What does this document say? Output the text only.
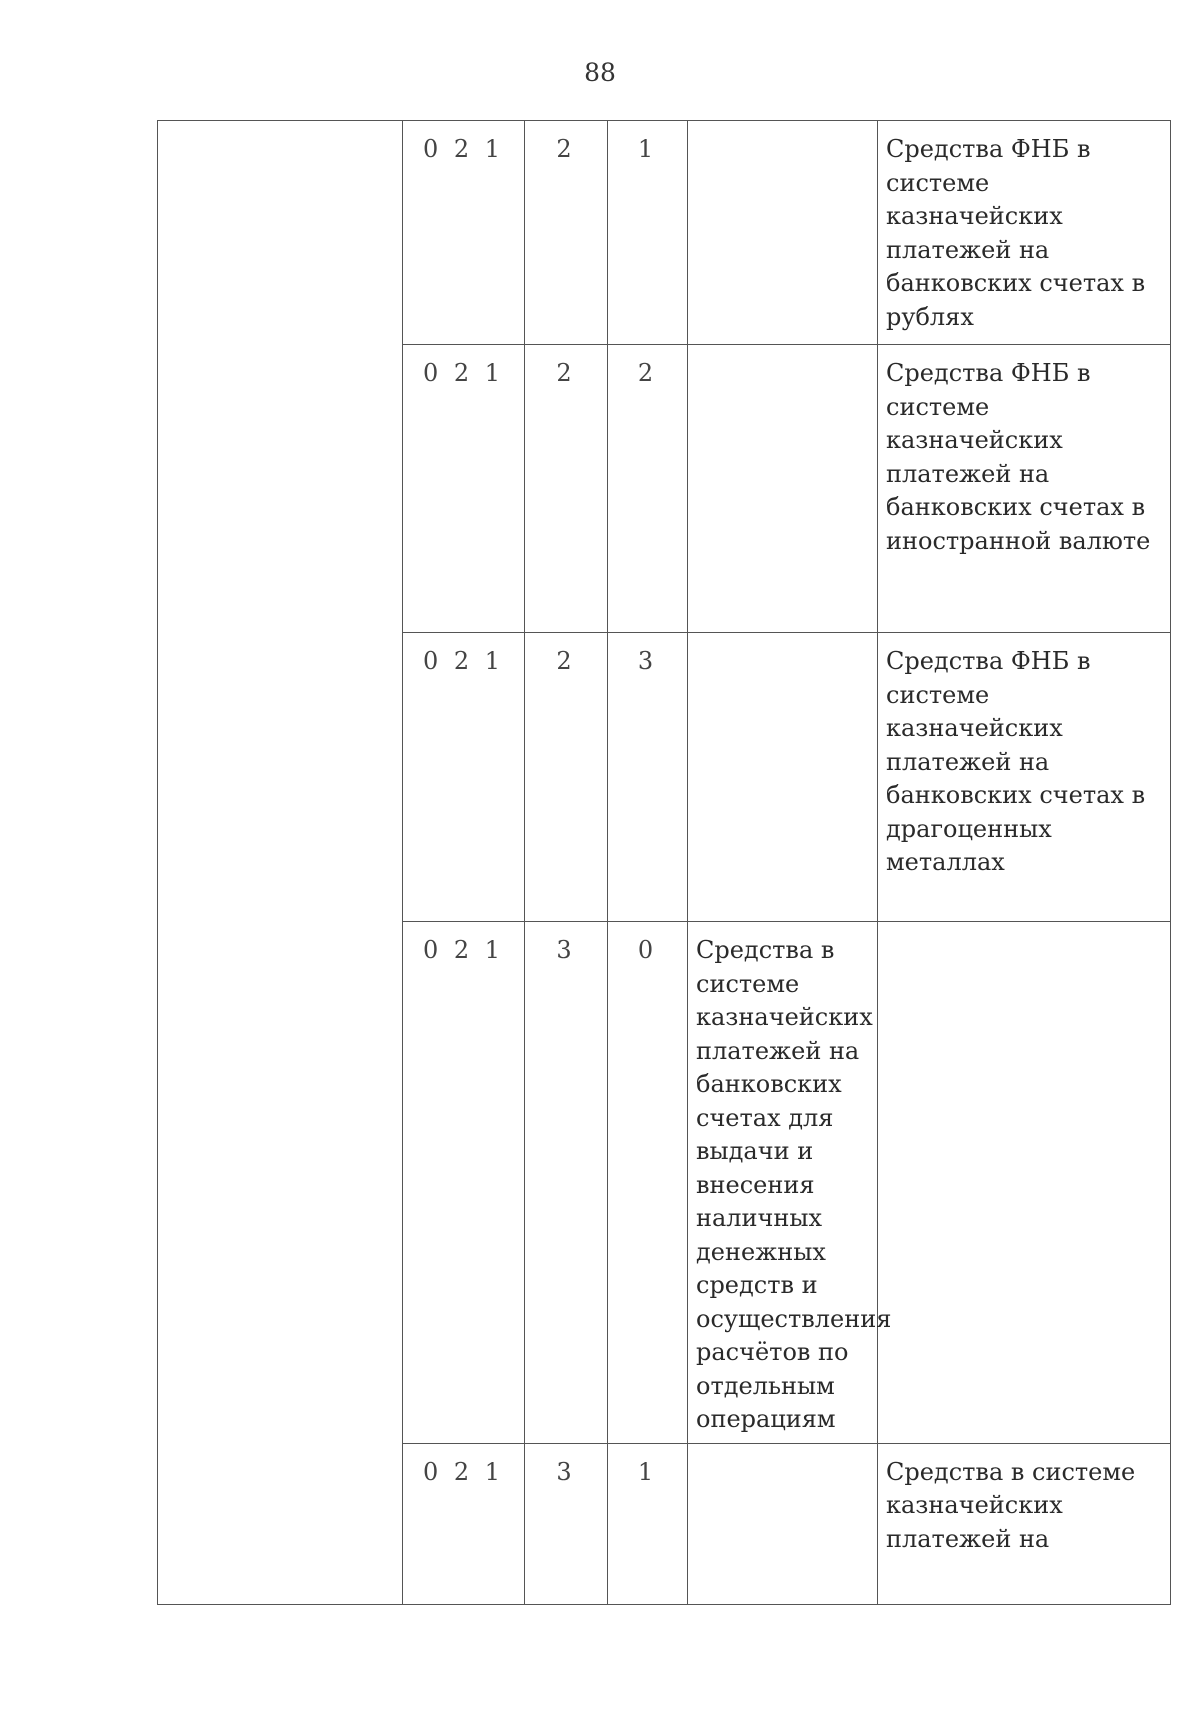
88
	0 2 1	2	1		Средства ФНБ в системе казначейских платежей на банковских счетах в рублях
	0 2 1	2	2		Средства ФНБ в системе казначейских платежей на банковских счетах в иностранной валюте
	0 2 1	2	3		Средства ФНБ в системе казначейских платежей на банковских счетах в драгоценных металлах
	0 2 1	3	0	Средства в системе казначейских платежей на банковских счетах для выдачи и внесения наличных денежных средств и осуществления расчётов по отдельным операциям	
	0 2 1	3	1		Средства в системе казначейских платежей на
